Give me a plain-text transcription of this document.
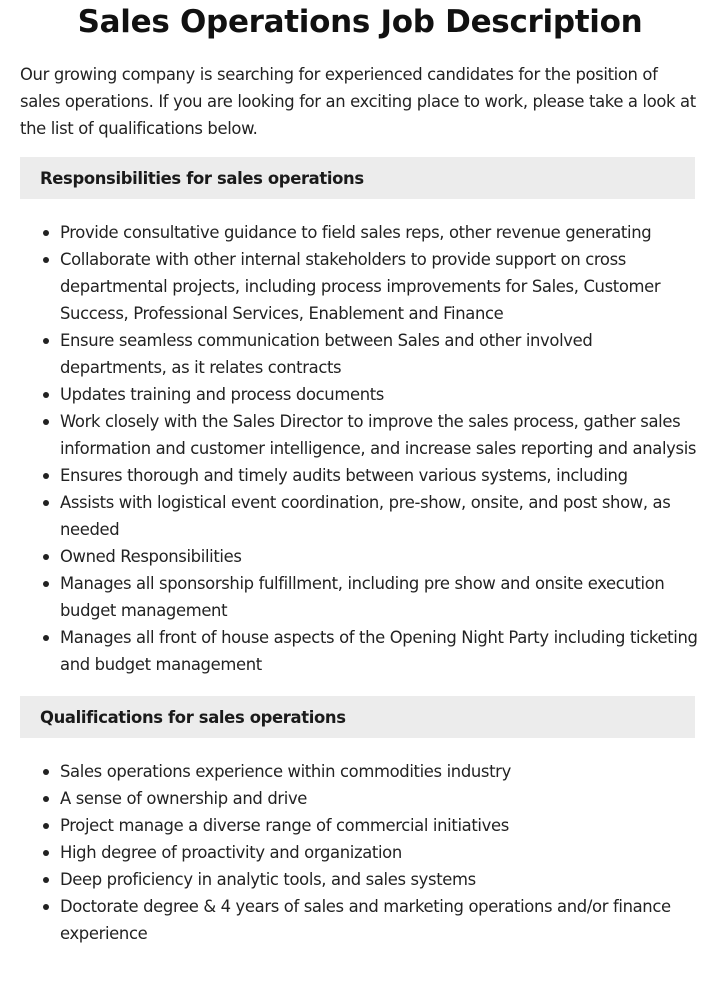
Sales Operations Job Description

Our growing company is searching for experienced candidates for the position of sales operations. If you are looking for an exciting place to work, please take a look at the list of qualifications below.

Responsibilities for sales operations
Provide consultative guidance to field sales reps, other revenue generating
Collaborate with other internal stakeholders to provide support on cross departmental projects, including process improvements for Sales, Customer Success, Professional Services, Enablement and Finance
Ensure seamless communication between Sales and other involved departments, as it relates contracts
Updates training and process documents
Work closely with the Sales Director to improve the sales process, gather sales information and customer intelligence, and increase sales reporting and analysis
Ensures thorough and timely audits between various systems, including
Assists with logistical event coordination, pre-show, onsite, and post show, as needed
Owned Responsibilities
Manages all sponsorship fulfillment, including pre show and onsite execution budget management
Manages all front of house aspects of the Opening Night Party including ticketing and budget management
Qualifications for sales operations
Sales operations experience within commodities industry
A sense of ownership and drive
Project manage a diverse range of commercial initiatives
High degree of proactivity and organization
Deep proficiency in analytic tools, and sales systems
Doctorate degree & 4 years of sales and marketing operations and/or finance experience
